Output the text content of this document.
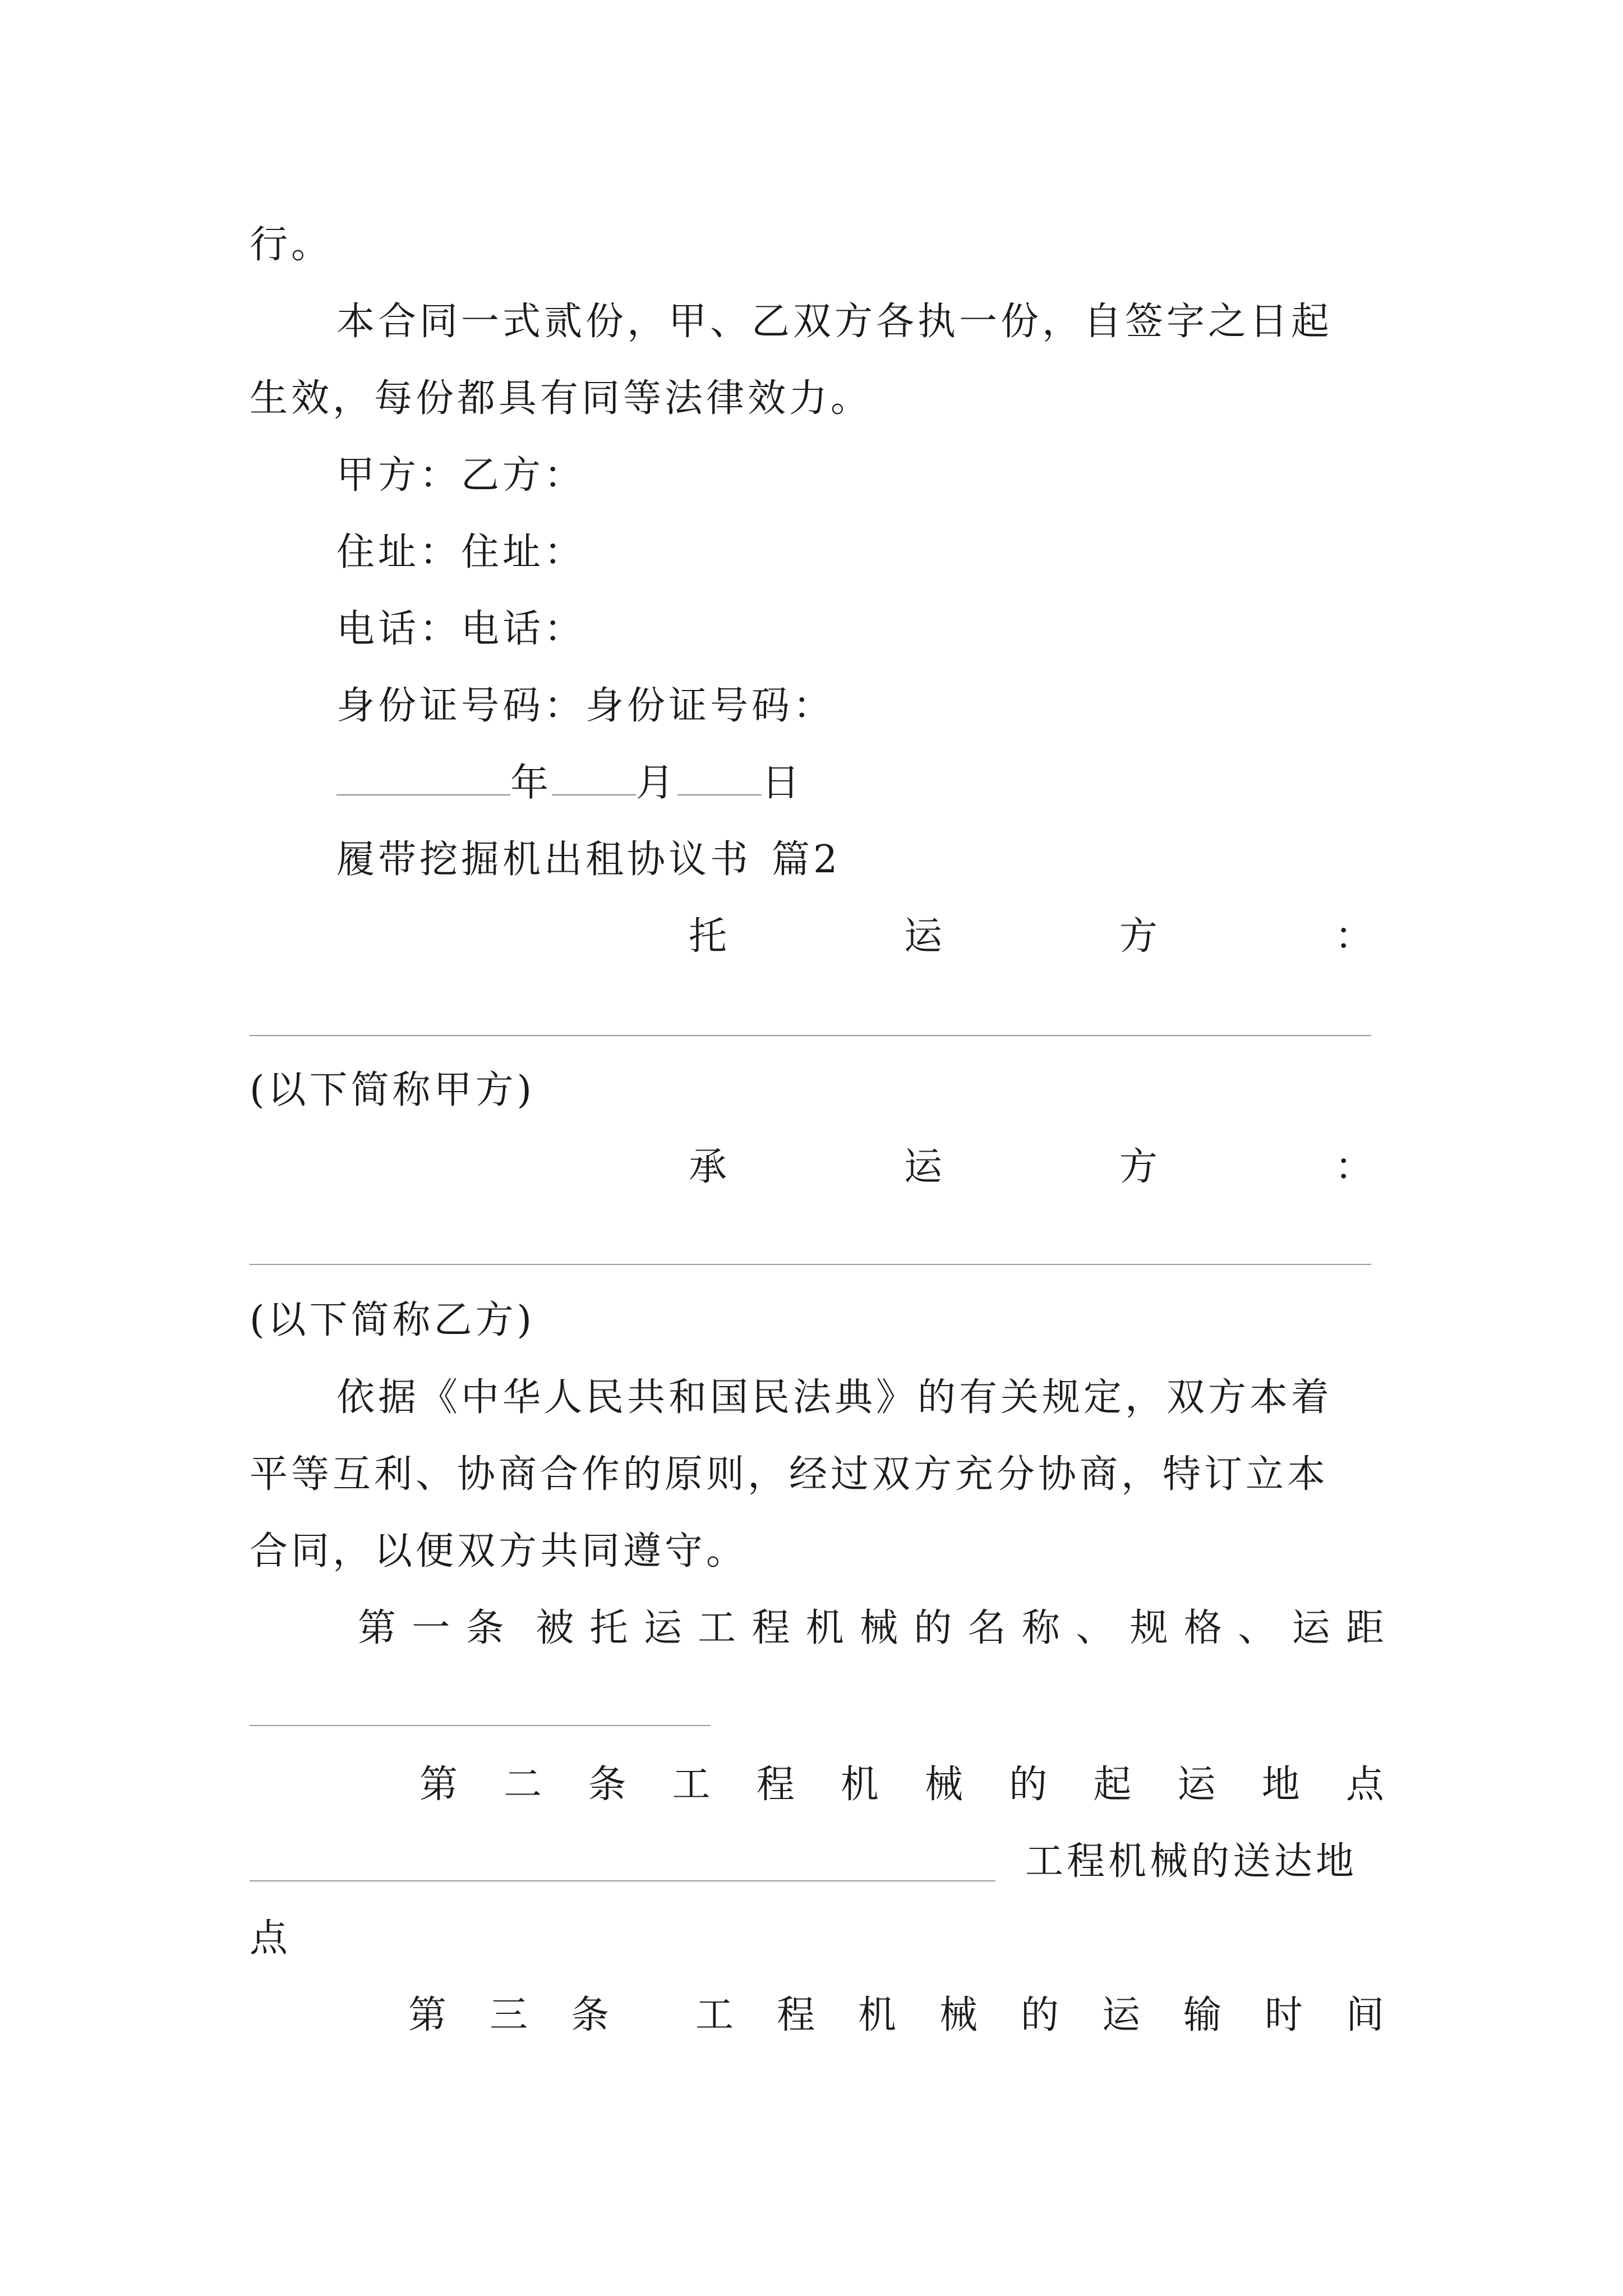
行。
本合同一式贰份，甲、乙双方各执一份，自签字之日起
生效，每份都具有同等法律效力。
甲方：乙方：
住址：住址：
电话：电话：
身份证号码：身份证号码：
年 月 日
履带挖掘机出租协议书 篇2
托	运	方	：
(以下简称甲方)
承	运	方	：
(以下简称乙方)
依据《中华人民共和国民法典》的有关规定，双方本着
平等互利、协商合作的原则，经过双方充分协商，特订立本
合同，以便双方共同遵守。
第 一 条 被 托 运 工 程 机 械 的 名 称 、 规 格 、 运 距
第 二 条 工 程 机 械 的 起 运 地 点
工程机械的送达地
点
第 三 条 工 程 机 械 的 运 输 时 间
